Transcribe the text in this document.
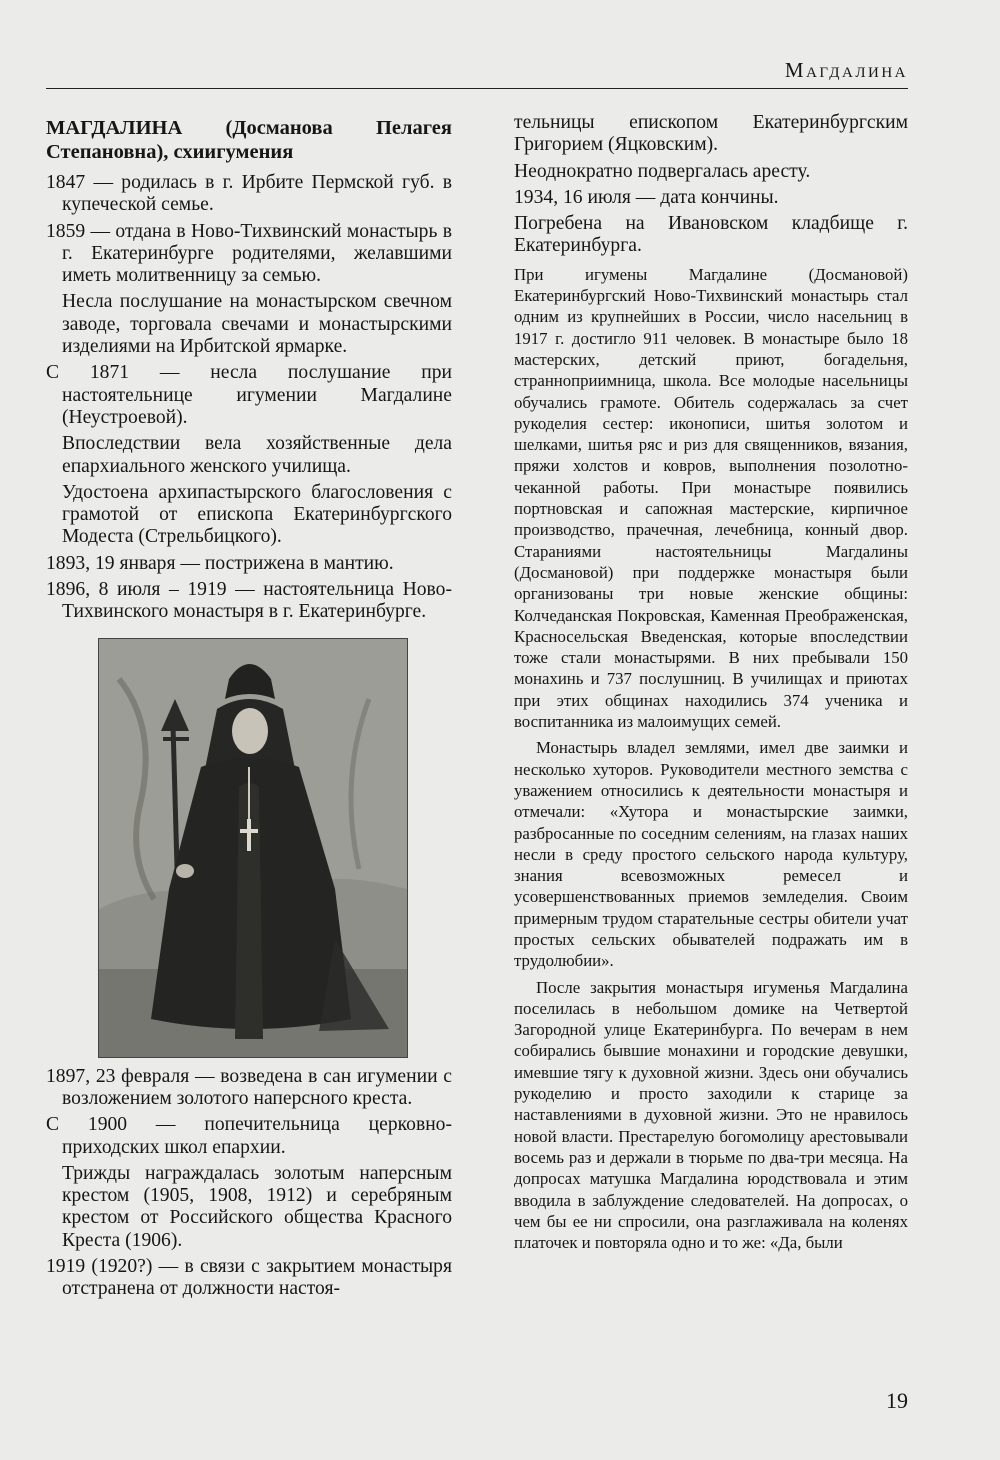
Магдалина

МАГДАЛИНА (Досманова Пелагея Степановна), схиигумения

1847 — родилась в г. Ирбите Пермской губ. в купеческой семье.

1859 — отдана в Ново-Тихвинский монастырь в г. Екатеринбурге родителями, желавшими иметь молитвенницу за семью.

Несла послушание на монастырском свечном заводе, торговала свечами и монастырскими изделиями на Ирбитской ярмарке.

С 1871 — несла послушание при настоятельнице игумении Магдалине (Неустроевой).

Впоследствии вела хозяйственные дела епархиального женского училища.

Удостоена архипастырского благословения с грамотой от епископа Екатеринбургского Модеста (Стрельбицкого).

1893, 19 января — пострижена в мантию.

1896, 8 июля – 1919 — настоятельница Ново-Тихвинского монастыря в г. Екатеринбурге.

1897, 23 февраля — возведена в сан игумении с возложением золотого наперсного креста.

С 1900 — попечительница церковно-приходских школ епархии.

Трижды награждалась золотым наперсным крестом (1905, 1908, 1912) и серебряным крестом от Российского общества Красного Креста (1906).

1919 (1920?) — в связи с закрытием монастыря отстранена от должности настоя-

тельницы епископом Екатеринбургским Григорием (Яцковским).

Неоднократно подвергалась аресту.

1934, 16 июля — дата кончины.

Погребена на Ивановском кладбище г. Екатеринбурга.

При игумены Магдалине (Досмановой) Екатеринбургский Ново-Тихвинский монастырь стал одним из крупнейших в России, число насельниц в 1917 г. достигло 911 человек. В монастыре было 18 мастерских, детский приют, богадельня, странноприимница, школа. Все молодые насельницы обучались грамоте. Обитель содержалась за счет рукоделия сестер: иконописи, шитья золотом и шелками, шитья ряс и риз для священников, вязания, пряжи холстов и ковров, выполнения позолотно-чеканной работы. При монастыре появились портновская и сапожная мастерские, кирпичное производство, прачечная, лечебница, конный двор. Стараниями настоятельницы Магдалины (Досмановой) при поддержке монастыря были организованы три новые женские общины: Колчеданская Покровская, Каменная Преображенская, Красносельская Введенская, которые впоследствии тоже стали монастырями. В них пребывали 150 монахинь и 737 послушниц. В училищах и приютах при этих общинах находились 374 ученика и воспитанника из малоимущих семей.

Монастырь владел землями, имел две заимки и несколько хуторов. Руководители местного земства с уважением относились к деятельности монастыря и отмечали: «Хутора и монастырские заимки, разбросанные по соседним селениям, на глазах наших несли в среду простого сельского народа культуру, знания всевозможных ремесел и усовершенствованных приемов земледелия. Своим примерным трудом старательные сестры обители учат простых сельских обывателей подражать им в трудолюбии».

После закрытия монастыря игуменья Магдалина поселилась в небольшом домике на Четвертой Загородной улице Екатеринбурга. По вечерам в нем собирались бывшие монахини и городские девушки, имевшие тягу к духовной жизни. Здесь они обучались рукоделию и просто заходили к старице за наставлениями в духовной жизни. Это не нравилось новой власти. Престарелую богомолицу арестовывали восемь раз и держали в тюрьме по два-три месяца. На допросах матушка Магдалина юродствовала и этим вводила в заблуждение следователей. На допросах, о чем бы ее ни спросили, она разглаживала на коленях платочек и повторяла одно и то же: «Да, были

19
